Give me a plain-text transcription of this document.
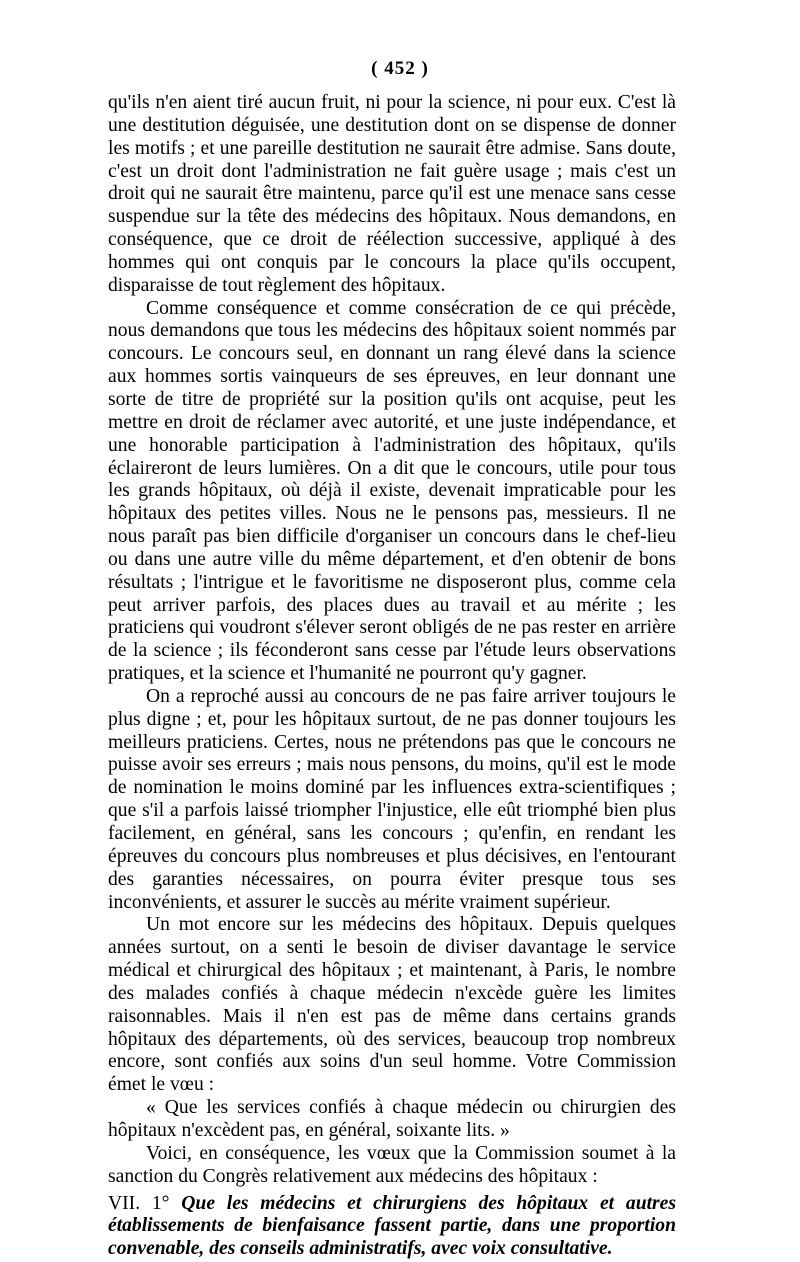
( 452 )

qu'ils n'en aient tiré aucun fruit, ni pour la science, ni pour eux. C'est là une destitution déguisée, une destitution dont on se dispense de donner les motifs ; et une pareille destitution ne saurait être admise. Sans doute, c'est un droit dont l'administration ne fait guère usage ; mais c'est un droit qui ne saurait être maintenu, parce qu'il est une menace sans cesse suspendue sur la tête des médecins des hôpitaux. Nous demandons, en conséquence, que ce droit de réélection successive, appliqué à des hommes qui ont conquis par le concours la place qu'ils occupent, disparaisse de tout règlement des hôpitaux.

Comme conséquence et comme consécration de ce qui précède, nous demandons que tous les médecins des hôpitaux soient nommés par concours. Le concours seul, en donnant un rang élevé dans la science aux hommes sortis vainqueurs de ses épreuves, en leur donnant une sorte de titre de propriété sur la position qu'ils ont acquise, peut les mettre en droit de réclamer avec autorité, et une juste indépendance, et une honorable participation à l'administration des hôpitaux, qu'ils éclaireront de leurs lumières. On a dit que le concours, utile pour tous les grands hôpitaux, où déjà il existe, devenait impraticable pour les hôpitaux des petites villes. Nous ne le pensons pas, messieurs. Il ne nous paraît pas bien difficile d'organiser un concours dans le chef-lieu ou dans une autre ville du même département, et d'en obtenir de bons résultats ; l'intrigue et le favoritisme ne disposeront plus, comme cela peut arriver parfois, des places dues au travail et au mérite ; les praticiens qui voudront s'élever seront obligés de ne pas rester en arrière de la science ; ils féconderont sans cesse par l'étude leurs observations pratiques, et la science et l'humanité ne pourront qu'y gagner.

On a reproché aussi au concours de ne pas faire arriver toujours le plus digne ; et, pour les hôpitaux surtout, de ne pas donner toujours les meilleurs praticiens. Certes, nous ne prétendons pas que le concours ne puisse avoir ses erreurs ; mais nous pensons, du moins, qu'il est le mode de nomination le moins dominé par les influences extra-scientifiques ; que s'il a parfois laissé triompher l'injustice, elle eût triomphé bien plus facilement, en général, sans les concours ; qu'enfin, en rendant les épreuves du concours plus nombreuses et plus décisives, en l'entourant des garanties nécessaires, on pourra éviter presque tous ses inconvénients, et assurer le succès au mérite vraiment supérieur.

Un mot encore sur les médecins des hôpitaux. Depuis quelques années surtout, on a senti le besoin de diviser davantage le service médical et chirurgical des hôpitaux ; et maintenant, à Paris, le nombre des malades confiés à chaque médecin n'excède guère les limites raisonnables. Mais il n'en est pas de même dans certains grands hôpitaux des départements, où des services, beaucoup trop nombreux encore, sont confiés aux soins d'un seul homme. Votre Commission émet le vœu :

« Que les services confiés à chaque médecin ou chirurgien des hôpitaux n'excèdent pas, en général, soixante lits. »

Voici, en conséquence, les vœux que la Commission soumet à la sanction du Congrès relativement aux médecins des hôpitaux :

VII. 1° Que les médecins et chirurgiens des hôpitaux et autres établissements de bienfaisance fassent partie, dans une proportion convenable, des conseils administratifs, avec voix consultative.
